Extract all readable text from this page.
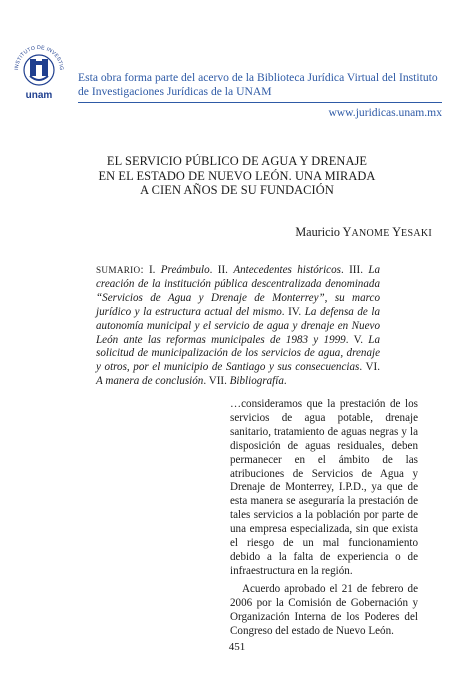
INSTITUTO DE INVESTIG
unam
Esta obra forma parte del acervo de la Biblioteca Jurídica Virtual del Instituto
de Investigaciones Jurídicas de la UNAM
www.juridicas.unam.mx
EL SERVICIO PÚBLICO DE AGUA Y DRENAJE
EN EL ESTADO DE NUEVO LEÓN. UNA MIRADA
A CIEN AÑOS DE SU FUNDACIÓN
Mauricio YANOME YESAKI
SUMARIO: I. Preámbulo. II. Antecedentes históricos. III. La creación de la institución pública descentralizada denominada “Servicios de Agua y Drenaje de Monterrey”, su marco jurídico y la estructura actual del mismo. IV. La defensa de la autonomía municipal y el servicio de agua y drenaje en Nuevo León ante las reformas municipales de 1983 y 1999. V. La solicitud de municipalización de los servicios de agua, drenaje y otros, por el municipio de Santiago y sus consecuencias. VI. A manera de conclusión. VII. Bibliografía.

…consideramos que la prestación de los servicios de agua potable, drenaje sanitario, tratamiento de aguas negras y la disposición de aguas residuales, deben permanecer en el ámbito de las atribuciones de Servicios de Agua y Drenaje de Monterrey, I.P.D., ya que de esta manera se aseguraría la prestación de tales servicios a la población por parte de una empresa especializada, sin que exista el riesgo de un mal funcionamiento debido a la falta de experiencia o de infraestructura en la región.

Acuerdo aprobado el 21 de febrero de 2006 por la Comisión de Gobernación y Organización Interna de los Poderes del Congreso del estado de Nuevo León.

451
